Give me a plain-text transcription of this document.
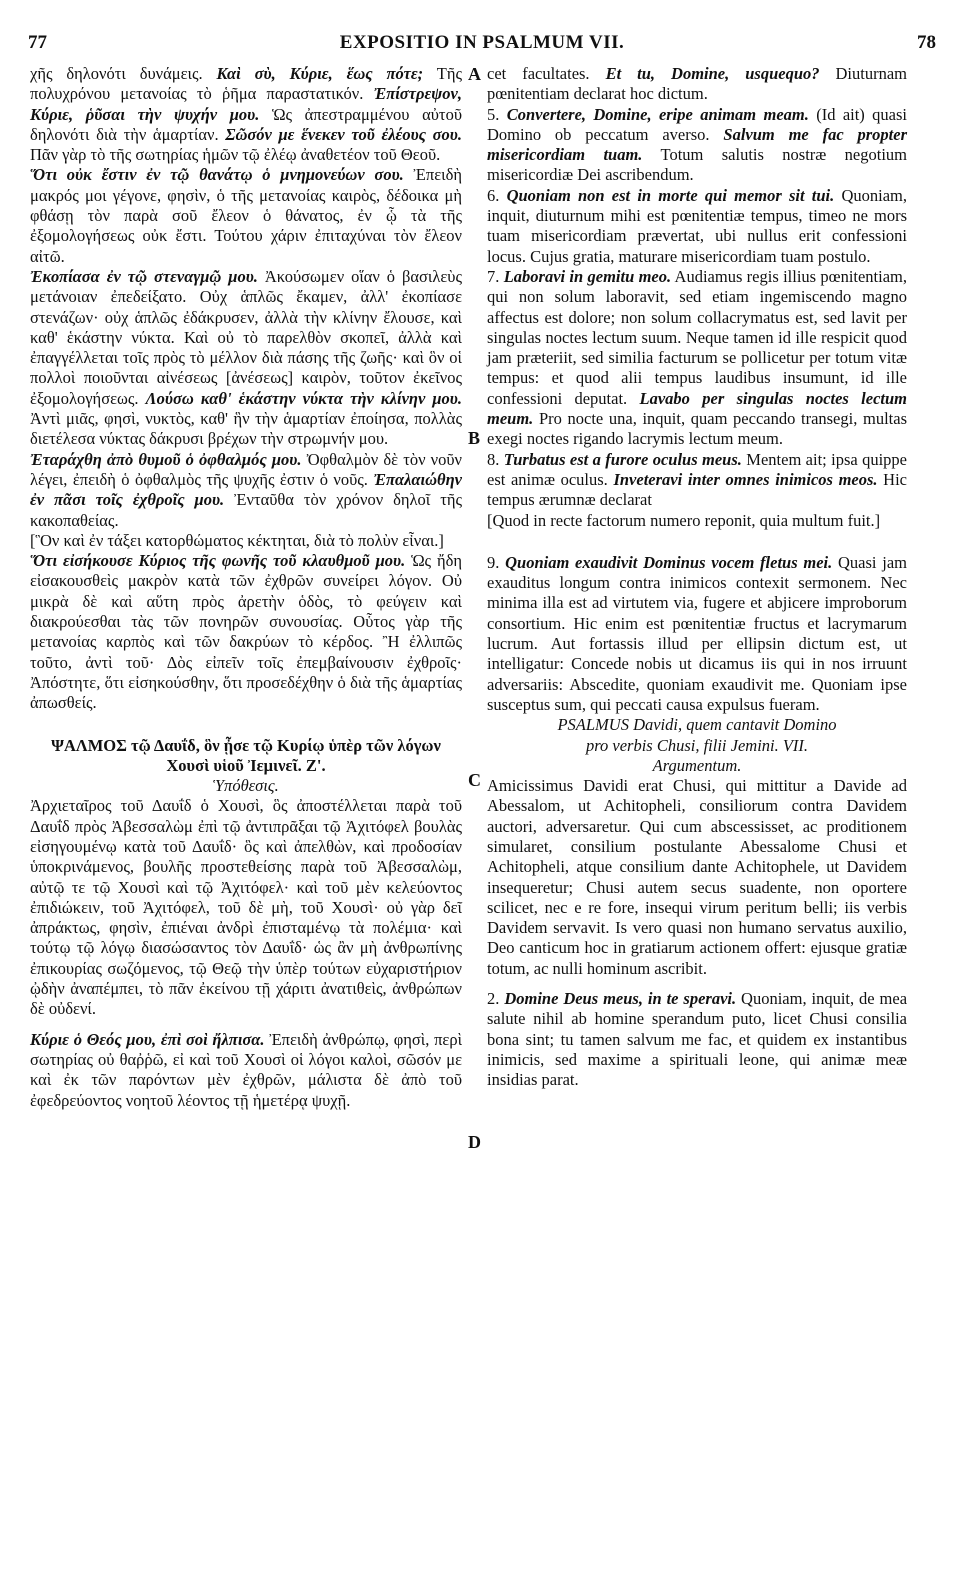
77	EXPOSITIO IN PSALMUM VII.	78
A
B
C
D

χῆς δηλονότι δυνάμεις. Καὶ σὺ, Κύριε, ἕως πότε; Τῆς πολυχρόνου μετανοίας τὸ ῥῆμα παραστατικόν. Ἐπίστρεψον, Κύριε, ῥῦσαι τὴν ψυχήν μου. Ὡς ἀπεστραμμένου αὐτοῦ δηλονότι διὰ τὴν ἁμαρτίαν. Σῶσόν με ἕνεκεν τοῦ ἐλέους σου. Πᾶν γὰρ τὸ τῆς σωτηρίας ἡμῶν τῷ ἐλέῳ ἀναθετέον τοῦ Θεοῦ.

Ὅτι οὐκ ἔστιν ἐν τῷ θανάτῳ ὁ μνημονεύων σου. Ἐπειδὴ μακρός μοι γέγονε, φησὶν, ὁ τῆς μετανοίας καιρὸς, δέδοικα μὴ φθάσῃ τὸν παρὰ σοῦ ἔλεον ὁ θάνατος, ἐν ᾧ τὰ τῆς ἐξομολογήσεως οὐκ ἔστι. Τούτου χάριν ἐπιταχύναι τὸν ἔλεον αἰτῶ.

Ἐκοπίασα ἐν τῷ στεναγμῷ μου. Ἀκούσωμεν οἵαν ὁ βασιλεὺς μετάνοιαν ἐπεδείξατο. Οὐχ ἁπλῶς ἔκαμεν, ἀλλ' ἐκοπίασε στενάζων· οὐχ ἁπλῶς ἐδάκρυσεν, ἀλλὰ τὴν κλίνην ἔλουσε, καὶ καθ' ἑκάστην νύκτα. Καὶ οὐ τὸ παρελθὸν σκοπεῖ, ἀλλὰ καὶ ἐπαγγέλλεται τοῖς πρὸς τὸ μέλλον διὰ πάσης τῆς ζωῆς· καὶ ὃν οἱ πολλοὶ ποιοῦνται αἰνέσεως [ἀνέσεως] καιρὸν, τοῦτον ἐκεῖνος ἐξομολογήσεως. Λούσω καθ' ἑκάστην νύκτα τὴν κλίνην μου. Ἀντὶ μιᾶς, φησὶ, νυκτὸς, καθ' ἣν τὴν ἁμαρτίαν ἐποίησα, πολλὰς διετέλεσα νύκτας δάκρυσι βρέχων τὴν στρωμνήν μου.

Ἐταράχθη ἀπὸ θυμοῦ ὁ ὀφθαλμός μου. Ὀφθαλμὸν δὲ τὸν νοῦν λέγει, ἐπειδὴ ὁ ὀφθαλμὸς τῆς ψυχῆς ἐστιν ὁ νοῦς. Ἐπαλαιώθην ἐν πᾶσι τοῖς ἐχθροῖς μου. Ἐνταῦθα τὸν χρόνον δηλοῖ τῆς κακοπαθείας.

[Ὃν καὶ ἐν τάξει κατορθώματος κέκτηται, διὰ τὸ πολὺν εἶναι.]

Ὅτι εἰσήκουσε Κύριος τῆς φωνῆς τοῦ κλαυθμοῦ μου. Ὡς ἤδη εἰσακουσθεὶς μακρὸν κατὰ τῶν ἐχθρῶν συνείρει λόγον. Οὐ μικρὰ δὲ καὶ αὕτη πρὸς ἀρετὴν ὁδὸς, τὸ φεύγειν καὶ διακρούεσθαι τὰς τῶν πονηρῶν συνουσίας. Οὗτος γὰρ τῆς μετανοίας καρπὸς καὶ τῶν δακρύων τὸ κέρδος. Ἢ ἐλλιπῶς τοῦτο, ἀντὶ τοῦ· Δὸς εἰπεῖν τοῖς ἐπεμβαίνουσιν ἐχθροῖς· Ἀπόστητε, ὅτι εἰσηκούσθην, ὅτι προσεδέχθην ὁ διὰ τῆς ἁμαρτίας ἀπωσθείς.

ΨΑΛΜΟΣ τῷ Δαυΐδ, ὃν ᾖσε τῷ Κυρίῳ ὑπὲρ τῶν λόγων Χουσὶ υἱοῦ Ἰεμινεῖ. Ζ'.

Ὑπόθεσις.

Ἀρχιεταῖρος τοῦ Δαυΐδ ὁ Χουσὶ, ὃς ἀποστέλλεται παρὰ τοῦ Δαυΐδ πρὸς Ἀβεσσαλὼμ ἐπὶ τῷ ἀντιπρᾶξαι τῷ Ἀχιτόφελ βουλὰς εἰσηγουμένῳ κατὰ τοῦ Δαυΐδ· ὃς καὶ ἀπελθὼν, καὶ προδοσίαν ὑποκρινάμενος, βουλῆς προστεθείσης παρὰ τοῦ Ἀβεσσαλὼμ, αὐτῷ τε τῷ Χουσὶ καὶ τῷ Ἀχιτόφελ· καὶ τοῦ μὲν κελεύοντος ἐπιδιώκειν, τοῦ Ἀχιτόφελ, τοῦ δὲ μὴ, τοῦ Χουσὶ· οὐ γὰρ δεῖ ἀπράκτως, φησὶν, ἐπιέναι ἀνδρὶ ἐπισταμένῳ τὰ πολέμια· καὶ τούτῳ τῷ λόγῳ διασώσαντος τὸν Δαυΐδ· ὡς ἂν μὴ ἀνθρωπίνης ἐπικουρίας σωζόμενος, τῷ Θεῷ τὴν ὑπὲρ τούτων εὐχαριστήριον ᾠδὴν ἀναπέμπει, τὸ πᾶν ἐκείνου τῇ χάριτι ἀνατιθεὶς, ἀνθρώπων δὲ οὐδενί.

Κύριε ὁ Θεός μου, ἐπὶ σοὶ ἤλπισα. Ἐπειδὴ ἀνθρώπῳ, φησὶ, περὶ σωτηρίας οὐ θαῤῥῶ, εἰ καὶ τοῦ Χουσὶ οἱ λόγοι καλοὶ, σῶσόν με καὶ ἐκ τῶν παρόντων μὲν ἐχθρῶν, μάλιστα δὲ ἀπὸ τοῦ ἐφεδρεύοντος νοητοῦ λέοντος τῇ ἡμετέρᾳ ψυχῇ.

cet facultates. Et tu, Domine, usquequo? Diuturnam pœnitentiam declarat hoc dictum.

5. Convertere, Domine, eripe animam meam. (Id ait) quasi Domino ob peccatum averso. Salvum me fac propter misericordiam tuam. Totum salutis nostræ negotium misericordiæ Dei ascribendum.

6. Quoniam non est in morte qui memor sit tui. Quoniam, inquit, diuturnum mihi est pœnitentiæ tempus, timeo ne mors tuam misericordiam prævertat, ubi nullus erit confessioni locus. Cujus gratia, maturare misericordiam tuam postulo.

7. Laboravi in gemitu meo. Audiamus regis illius pœnitentiam, qui non solum laboravit, sed etiam ingemiscendo magno affectus est dolore; non solum collacrymatus est, sed lavit per singulas noctes lectum suum. Neque tamen id ille respicit quod jam præteriit, sed similia facturum se pollicetur per totum vitæ tempus: et quod alii tempus laudibus insumunt, id ille confessioni deputat. Lavabo per singulas noctes lectum meum. Pro nocte una, inquit, quam peccando transegi, multas exegi noctes rigando lacrymis lectum meum.

8. Turbatus est a furore oculus meus. Mentem ait; ipsa quippe est animæ oculus. Inveteravi inter omnes inimicos meos. Hic tempus ærumnæ declarat

[Quod in recte factorum numero reponit, quia multum fuit.]

9. Quoniam exaudivit Dominus vocem fletus mei. Quasi jam exauditus longum contra inimicos contexit sermonem. Nec minima illa est ad virtutem via, fugere et abjicere improborum consortium. Hic enim est pœnitentiæ fructus et lacrymarum lucrum. Aut fortassis illud per ellipsin dictum est, ut intelligatur: Concede nobis ut dicamus iis qui in nos irruunt adversariis: Abscedite, quoniam exaudivit me. Quoniam ipse susceptus sum, qui peccati causa expulsus fueram.

PSALMUS Davidi, quem cantavit Domino

pro verbis Chusi, filii Jemini. VII.

Argumentum.

Amicissimus Davidi erat Chusi, qui mittitur a Davide ad Abessalom, ut Achitopheli, consiliorum contra Davidem auctori, adversaretur. Qui cum abscessisset, ac proditionem simularet, consilium postulante Abessalome Chusi et Achitopheli, atque consilium dante Achitophele, ut Davidem insequeretur; Chusi autem secus suadente, non oportere scilicet, nec e re fore, insequi virum peritum belli; iis verbis Davidem servavit. Is vero quasi non humano servatus auxilio, Deo canticum hoc in gratiarum actionem offert: ejusque gratiæ totum, ac nulli hominum ascribit.

2. Domine Deus meus, in te speravi. Quoniam, inquit, de mea salute nihil ab homine sperandum puto, licet Chusi consilia bona sint; tu tamen salvum me fac, et quidem ex instantibus inimicis, sed maxime a spirituali leone, qui animæ meæ insidias parat.
